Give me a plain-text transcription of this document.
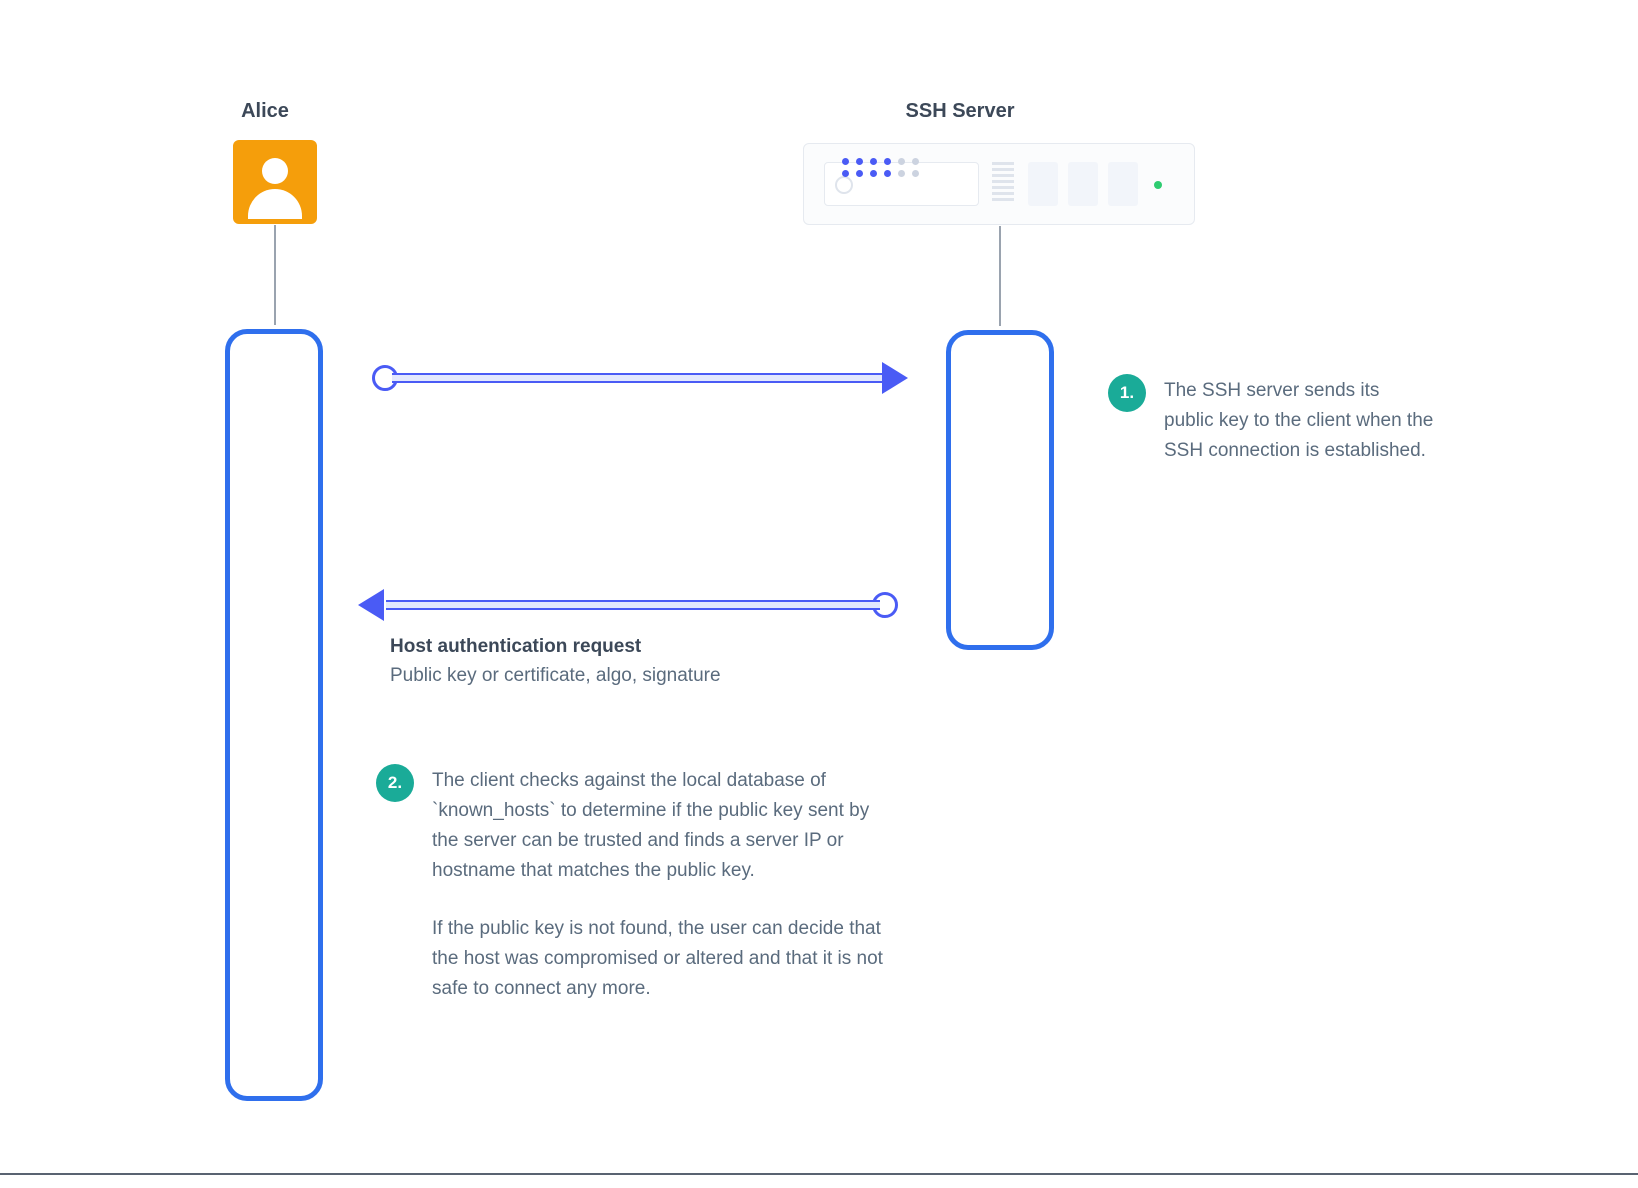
Alice	SSH Server
Host authentication request
Public key or certificate, algo, signature
1.	The SSH server sends its public key to the client when the SSH connection is established.

2.	The client checks against the local database of `known_hosts` to determine if the public key sent by the server can be trusted and finds a server IP or hostname that matches the public key.

If the public key is not found, the user can decide that the host was compromised or altered and that it is not safe to connect any more.
